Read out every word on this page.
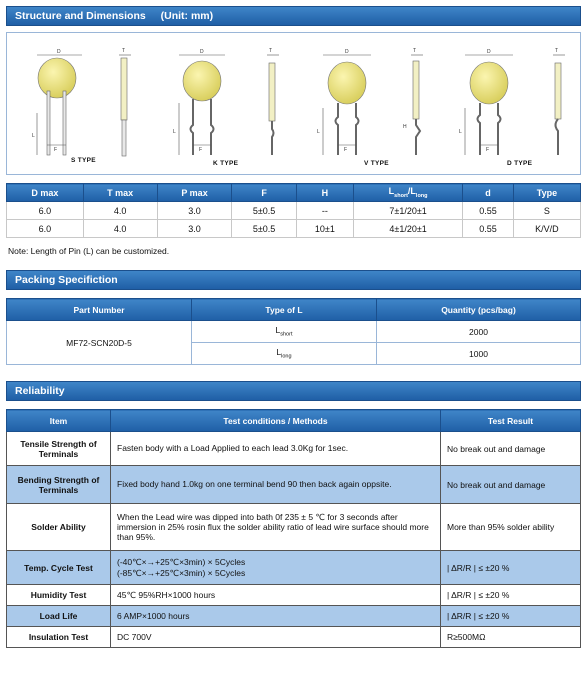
Structure and Dimensions (Unit: mm)
D
L
F
T	D
L
F
T	D
L
F
T
H
D
L
F
T
S TYPE	K TYPE	V TYPE	D TYPE
D max	T max	P max	F	H	$L_{short}/L_{long}$	d	Type
6.0	4.0	3.0	5±0.5	--	7±1/20±1	0.55	S
6.0	4.0	3.0	5±0.5	10±1	4±1/20±1	0.55	K/V/D
Note: Length of Pin (L) can be customized.
Packing Specifiction
Part Number	Type of L	Quantity (pcs/bag)
MF72-SCN20D-5	$L_{short}$	2000
	$L_{long}$	1000
Reliability
Item	Test conditions / Methods	Test Result
Tensile Strength of Terminals	Fasten body with a Load Applied to each lead 3.0Kg for 1sec.	No break out and damage
Bending Strength of Terminals	Fixed body hand 1.0kg on one terminal bend 90 then back again oppsite.	No break out and damage
Solder Ability	When the Lead wire was dipped into bath 0f 235 ± 5 ℃ for 3 seconds after immersion in 25% rosin flux the solder ability ratio of lead wire surface should more than 95%.	More than 95% solder ability
Temp. Cycle Test	(-40℃×→+25℃×3min) × 5Cycles
(-85℃×→+25℃×3min) × 5Cycles	| ΔR/R | ≤ ±20 %
Humidity Test	45℃ 95%RH×1000 hours	| ΔR/R | ≤ ±20 %
Load Life	6 AMP×1000 hours	| ΔR/R | ≤ ±20 %
Insulation Test	DC 700V	R≥500MΩ
